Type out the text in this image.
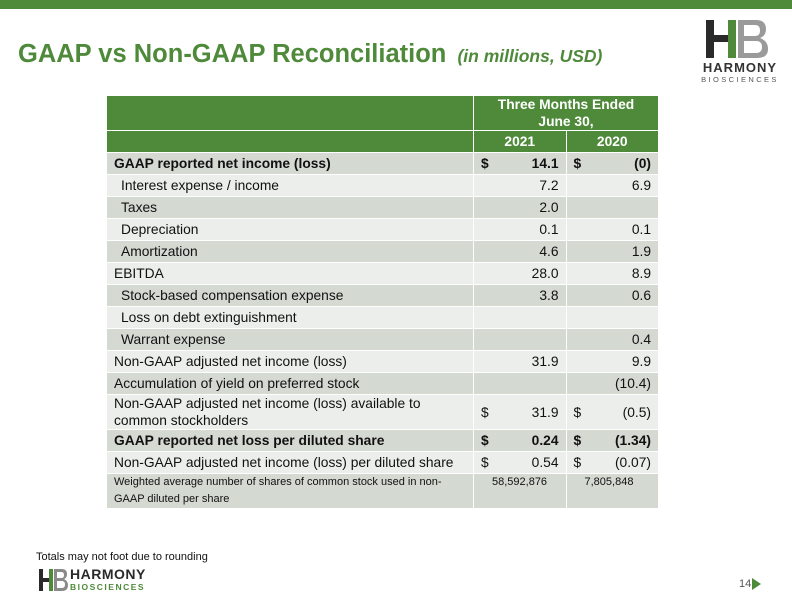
GAAP vs Non-GAAP Reconciliation (in millions, USD)
HARMONY
BIOSCIENCES
	Three Months Ended
June 30,	
	2021	2020
GAAP reported net income (loss)	$ 14.1	$ (0)
Interest expense / income	7.2	6.9
Taxes	2.0	
Depreciation	0.1	0.1
Amortization	4.6	1.9
EBITDA	28.0	8.9
Stock-based compensation expense	3.8	0.6
Loss on debt extinguishment		
Warrant expense		0.4
Non-GAAP adjusted net income (loss)	31.9	9.9
Accumulation of yield on preferred stock		(10.4)
Non-GAAP adjusted net income (loss) available to common stockholders	$ 31.9	$ (0.5)
GAAP reported net loss per diluted share	$ 0.24	$ (1.34)
Non-GAAP adjusted net income (loss) per diluted share	$ 0.54	$ (0.07)
Weighted average number of shares of common stock used in non-GAAP diluted per share	58,592,876	7,805,848
Totals may not foot due to rounding
HARMONY
BIOSCIENCES	14
